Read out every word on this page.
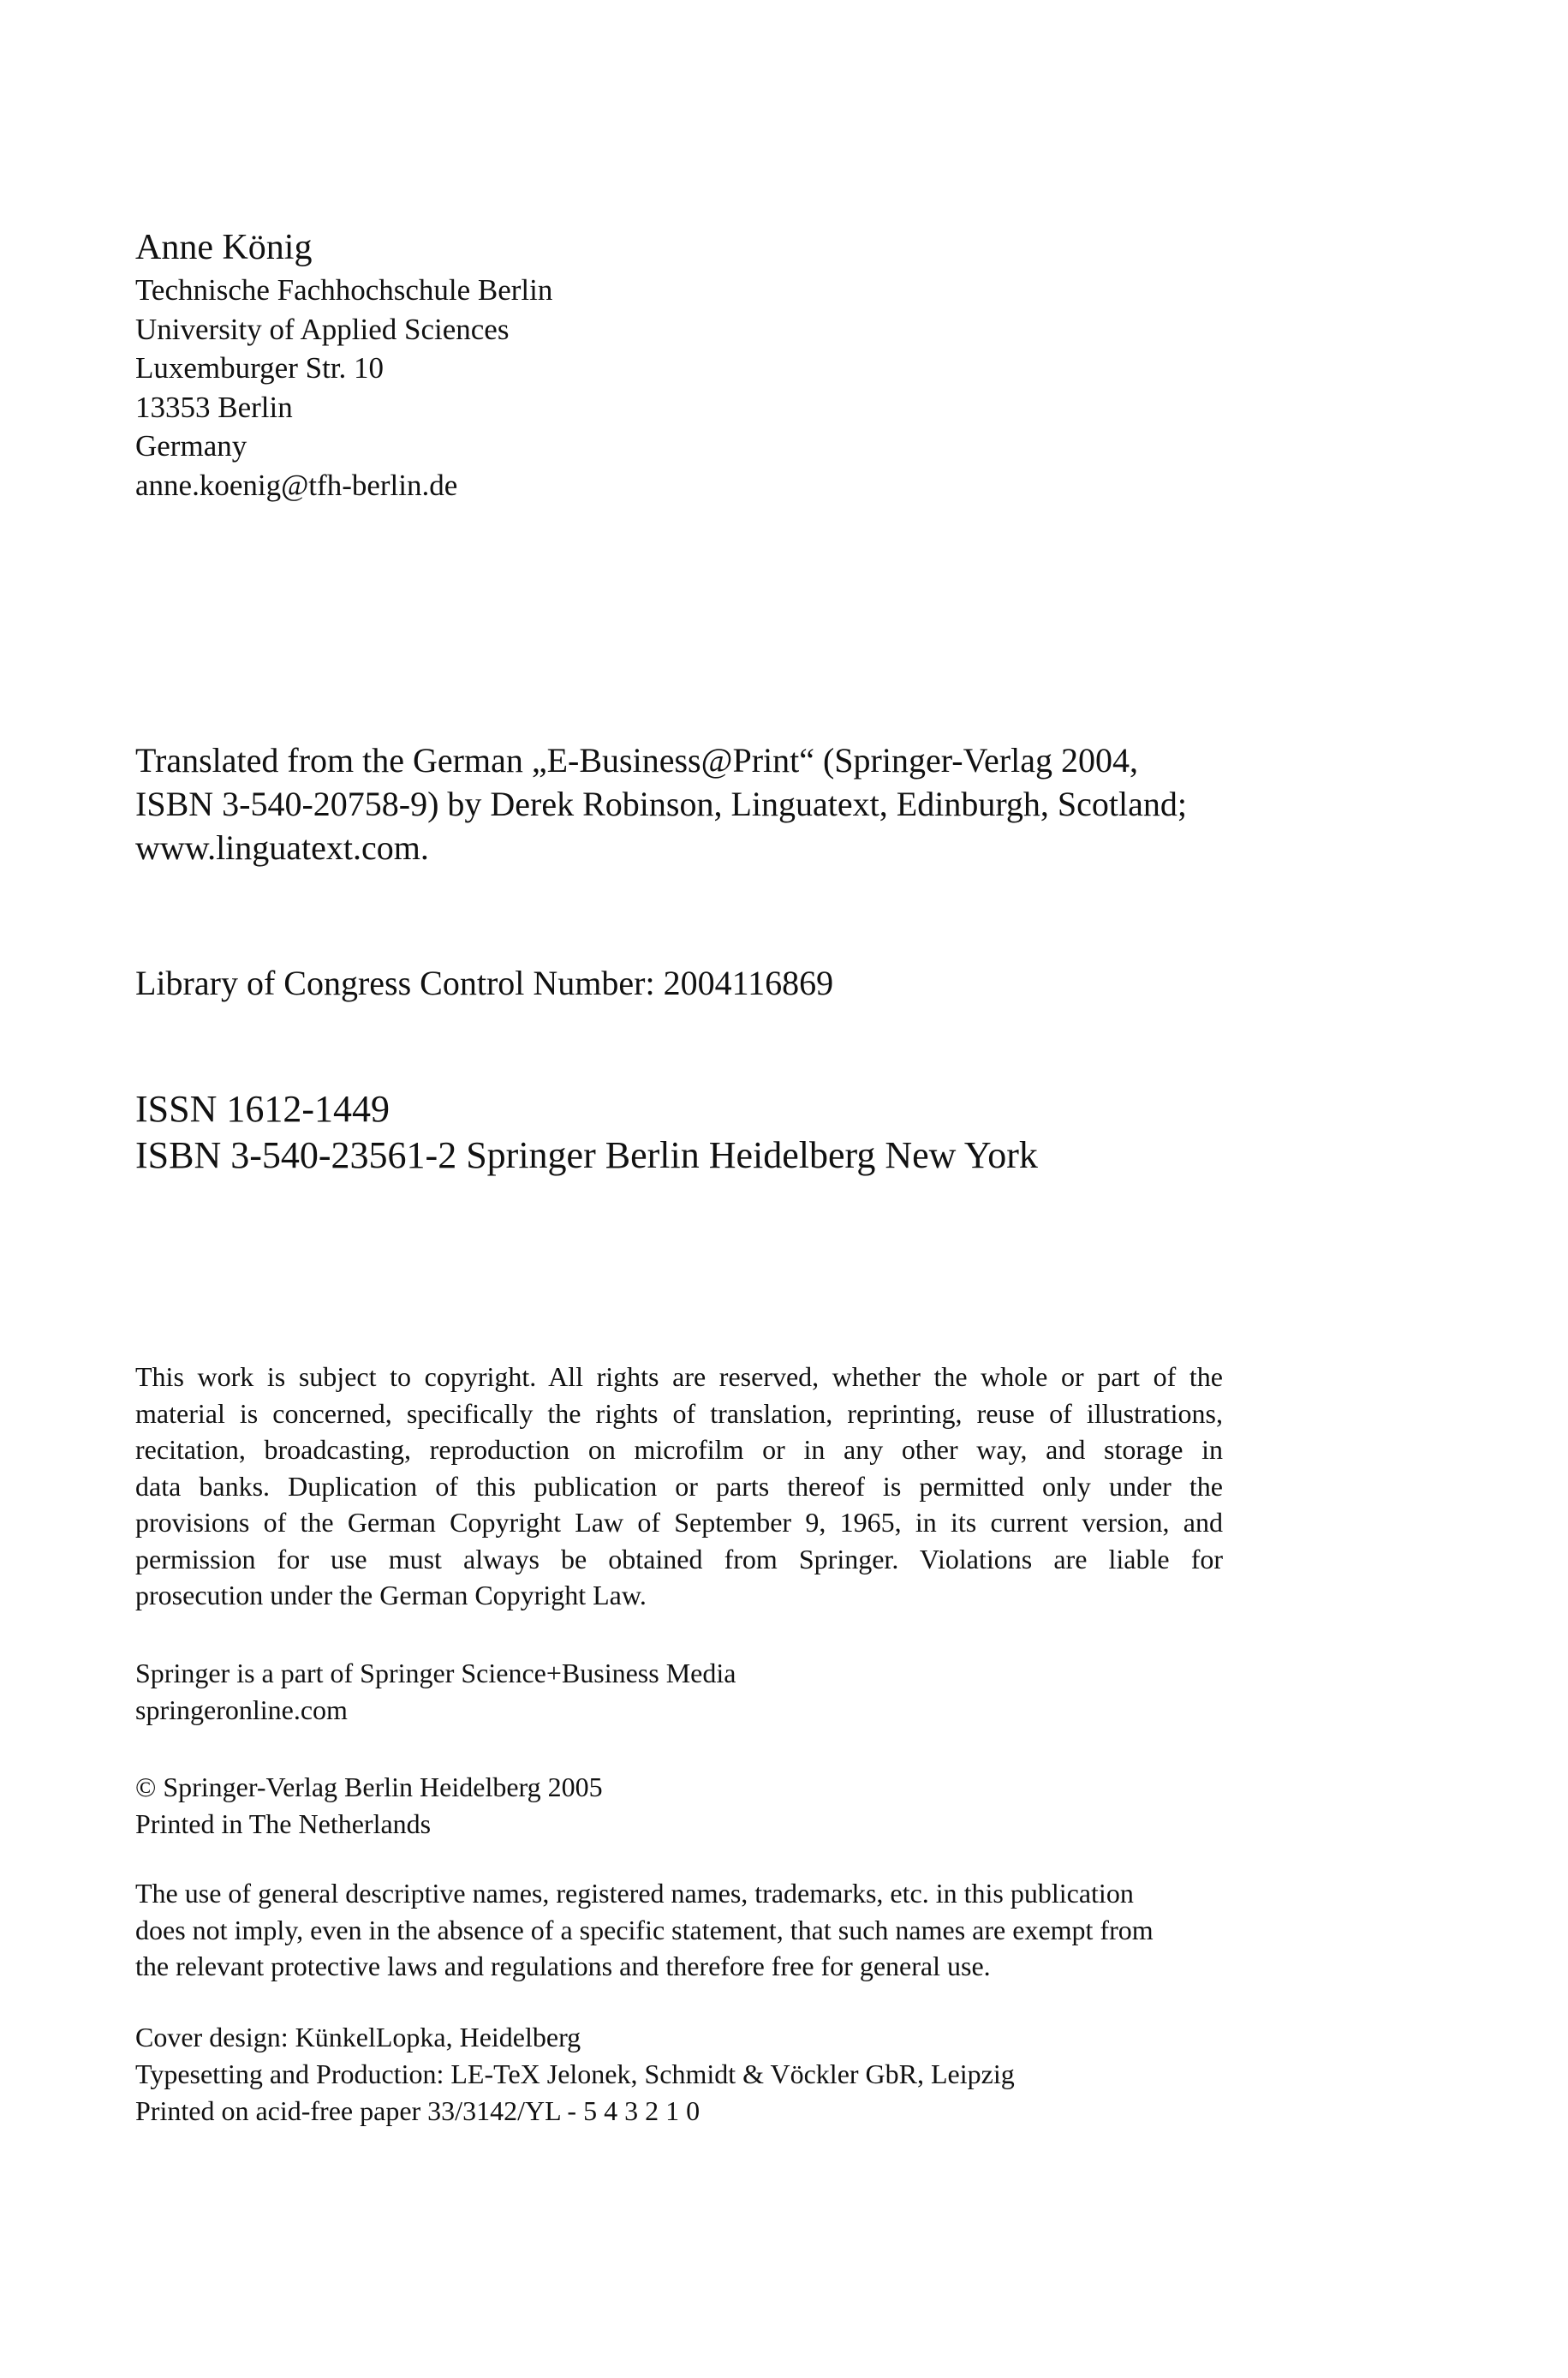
Anne König
Technische Fachhochschule Berlin
University of Applied Sciences
Luxemburger Str. 10
13353 Berlin
Germany
anne.koenig@tfh-berlin.de
Translated from the German „E-Business@Print“ (Springer-Verlag 2004,
ISBN 3-540-20758-9) by Derek Robinson, Linguatext, Edinburgh, Scotland;
www.linguatext.com.
Library of Congress Control Number: 2004116869
ISSN 1612-1449
ISBN 3-540-23561-2 Springer Berlin Heidelberg New York
This work is subject to copyright. All rights are reserved, whether the whole or part of the
material is concerned, specifically the rights of translation, reprinting, reuse of illustrations,
recitation, broadcasting, reproduction on microfilm or in any other way, and storage in
data banks. Duplication of this publication or parts thereof is permitted only under the
provisions of the German Copyright Law of September 9, 1965, in its current version, and
permission for use must always be obtained from Springer. Violations are liable for
prosecution under the German Copyright Law.
Springer is a part of Springer Science+Business Media
springeronline.com
© Springer-Verlag Berlin Heidelberg 2005
Printed in The Netherlands
The use of general descriptive names, registered names, trademarks, etc. in this publication
does not imply, even in the absence of a specific statement, that such names are exempt from
the relevant protective laws and regulations and therefore free for general use.
Cover design: KünkelLopka, Heidelberg
Typesetting and Production: LE-TeX Jelonek, Schmidt & Vöckler GbR, Leipzig
Printed on acid-free paper 33/3142/YL - 5 4 3 2 1 0
